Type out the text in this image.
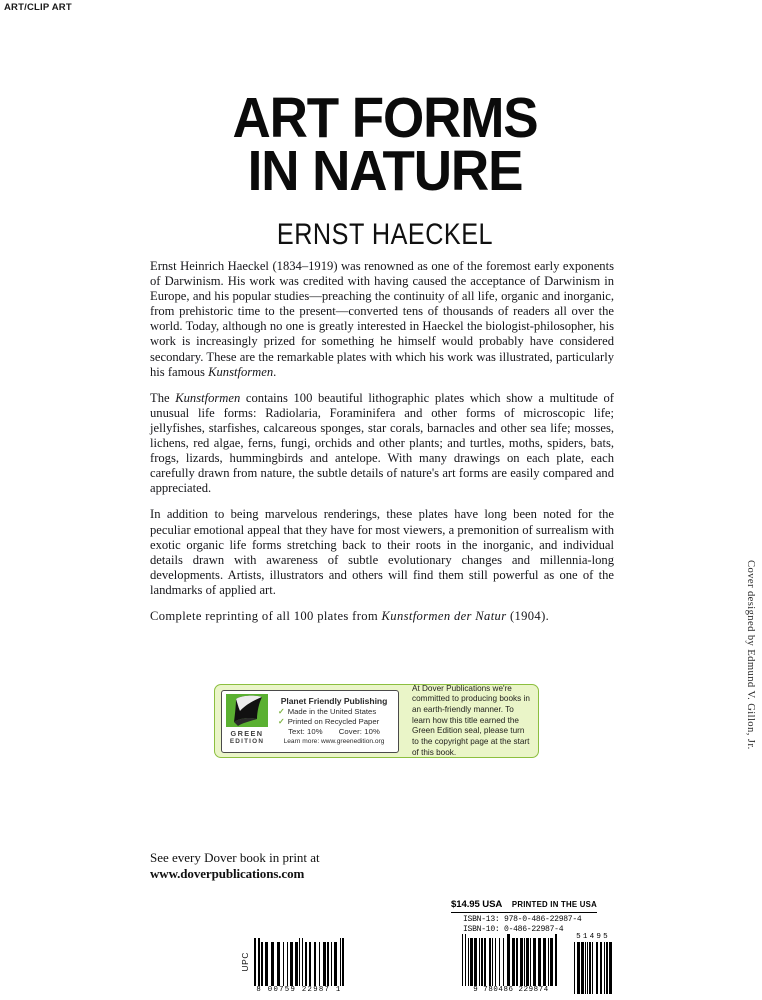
ART/CLIP ART
ART FORMS
IN NATURE
ERNST HAECKEL

Ernst Heinrich Haeckel (1834–1919) was renowned as one of the foremost early exponents of Darwinism. His work was credited with having caused the acceptance of Darwinism in Europe, and his popular studies—preaching the continuity of all life, organic and inorganic, from prehistoric time to the present—converted tens of thousands of readers all over the world. Today, although no one is greatly interested in Haeckel the biologist-philosopher, his work is increasingly prized for something he himself would probably have considered secondary. These are the remarkable plates with which his work was illustrated, particularly his famous Kunstformen.

The Kunstformen contains 100 beautiful lithographic plates which show a multitude of unusual life forms: Radiolaria, Foraminifera and other forms of microscopic life; jellyfishes, starfishes, calcareous sponges, star corals, barnacles and other sea life; mosses, lichens, red algae, ferns, fungi, orchids and other plants; and turtles, moths, spiders, bats, frogs, lizards, hummingbirds and antelope. With many drawings on each plate, each carefully drawn from nature, the subtle details of nature's art forms are easily compared and appreciated.

In addition to being marvelous renderings, these plates have long been noted for the peculiar emotional appeal that they have for most viewers, a premonition of surrealism with exotic organic life forms stretching back to their roots in the inorganic, and individual details drawn with awareness of subtle evolutionary changes and millennia-long developments. Artists, illustrators and others will find them still powerful as one of the landmarks of applied art.

Complete reprinting of all 100 plates from Kunstformen der Natur (1904).

GREEN
EDITION
Planet Friendly Publishing
✓ Made in the United States
✓ Printed on Recycled Paper
Text: 10% Cover: 10%
Learn more: www.greenedition.org
At Dover Publications we're committed to producing books in an earth-friendly manner. To learn how this title earned the Green Edition seal, please turn to the copyright page at the start of this book.
See every Dover book in print at
www.doverpublications.com
$14.95 USA	PRINTED IN THE USA
ISBN-13: 978-0-486-22987-4
ISBN-10: 0-486-22987-4
9 780486 229874
51495
UPC
8 00759 22987 1
Cover designed by Edmund V. Gillon, Jr.
